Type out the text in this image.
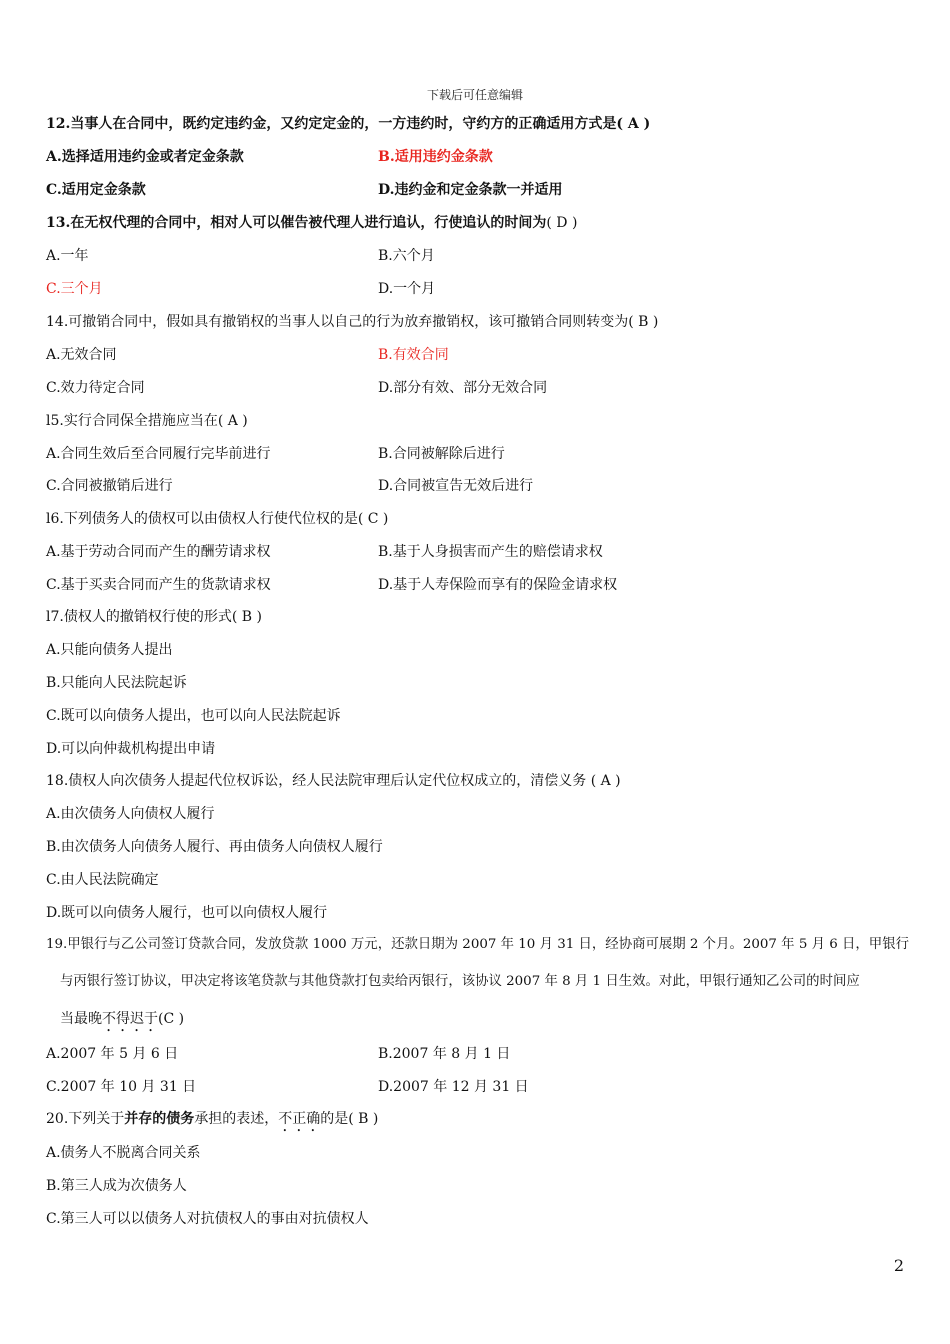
下载后可任意编辑
12.当事人在合同中，既约定违约金，又约定定金的，一方违约时，守约方的正确适用方式是( A )
A.选择适用违约金或者定金条款	B.适用违约金条款
C.适用定金条款	D.违约金和定金条款一并适用
13.在无权代理的合同中，相对人可以催告被代理人进行追认，行使追认的时间为( D )
A.一年	B.六个月
C.三个月	D.一个月
14.可撤销合同中，假如具有撤销权的当事人以自己的行为放弃撤销权，该可撤销合同则转变为( B )
A.无效合同	B.有效合同
C.效力待定合同	D.部分有效、部分无效合同
l5.实行合同保全措施应当在( A )
A.合同生效后至合同履行完毕前进行	B.合同被解除后进行
C.合同被撤销后进行	D.合同被宣告无效后进行
l6.下列债务人的债权可以由债权人行使代位权的是( C )
A.基于劳动合同而产生的酬劳请求权	B.基于人身损害而产生的赔偿请求权
C.基于买卖合同而产生的货款请求权	D.基于人寿保险而享有的保险金请求权
l7.债权人的撤销权行使的形式( B )
A.只能向债务人提出
B.只能向人民法院起诉
C.既可以向债务人提出，也可以向人民法院起诉
D.可以向仲裁机构提出申请
18.债权人向次债务人提起代位权诉讼，经人民法院审理后认定代位权成立的，清偿义务 ( A )
A.由次债务人向债权人履行
B.由次债务人向债务人履行、再由债务人向债权人履行
C.由人民法院确定
D.既可以向债务人履行，也可以向债权人履行
19.甲银行与乙公司签订贷款合同，发放贷款 1000 万元，还款日期为 2007 年 10 月 31 日，经协商可展期 2 个月。2007 年 5 月 6 日，甲银行
与丙银行签订协议，甲决定将该笔贷款与其他贷款打包卖给丙银行，该协议 2007 年 8 月 1 日生效。对此，甲银行通知乙公司的时间应
当最晚不得迟于(C )
A.2007 年 5 月 6 日	B.2007 年 8 月 1 日
C.2007 年 10 月 31 日	D.2007 年 12 月 31 日
20.下列关于并存的债务承担的表述，不正确的是( B )
A.债务人不脱离合同关系
B.第三人成为次债务人
C.第三人可以以债务人对抗债权人的事由对抗债权人
2
